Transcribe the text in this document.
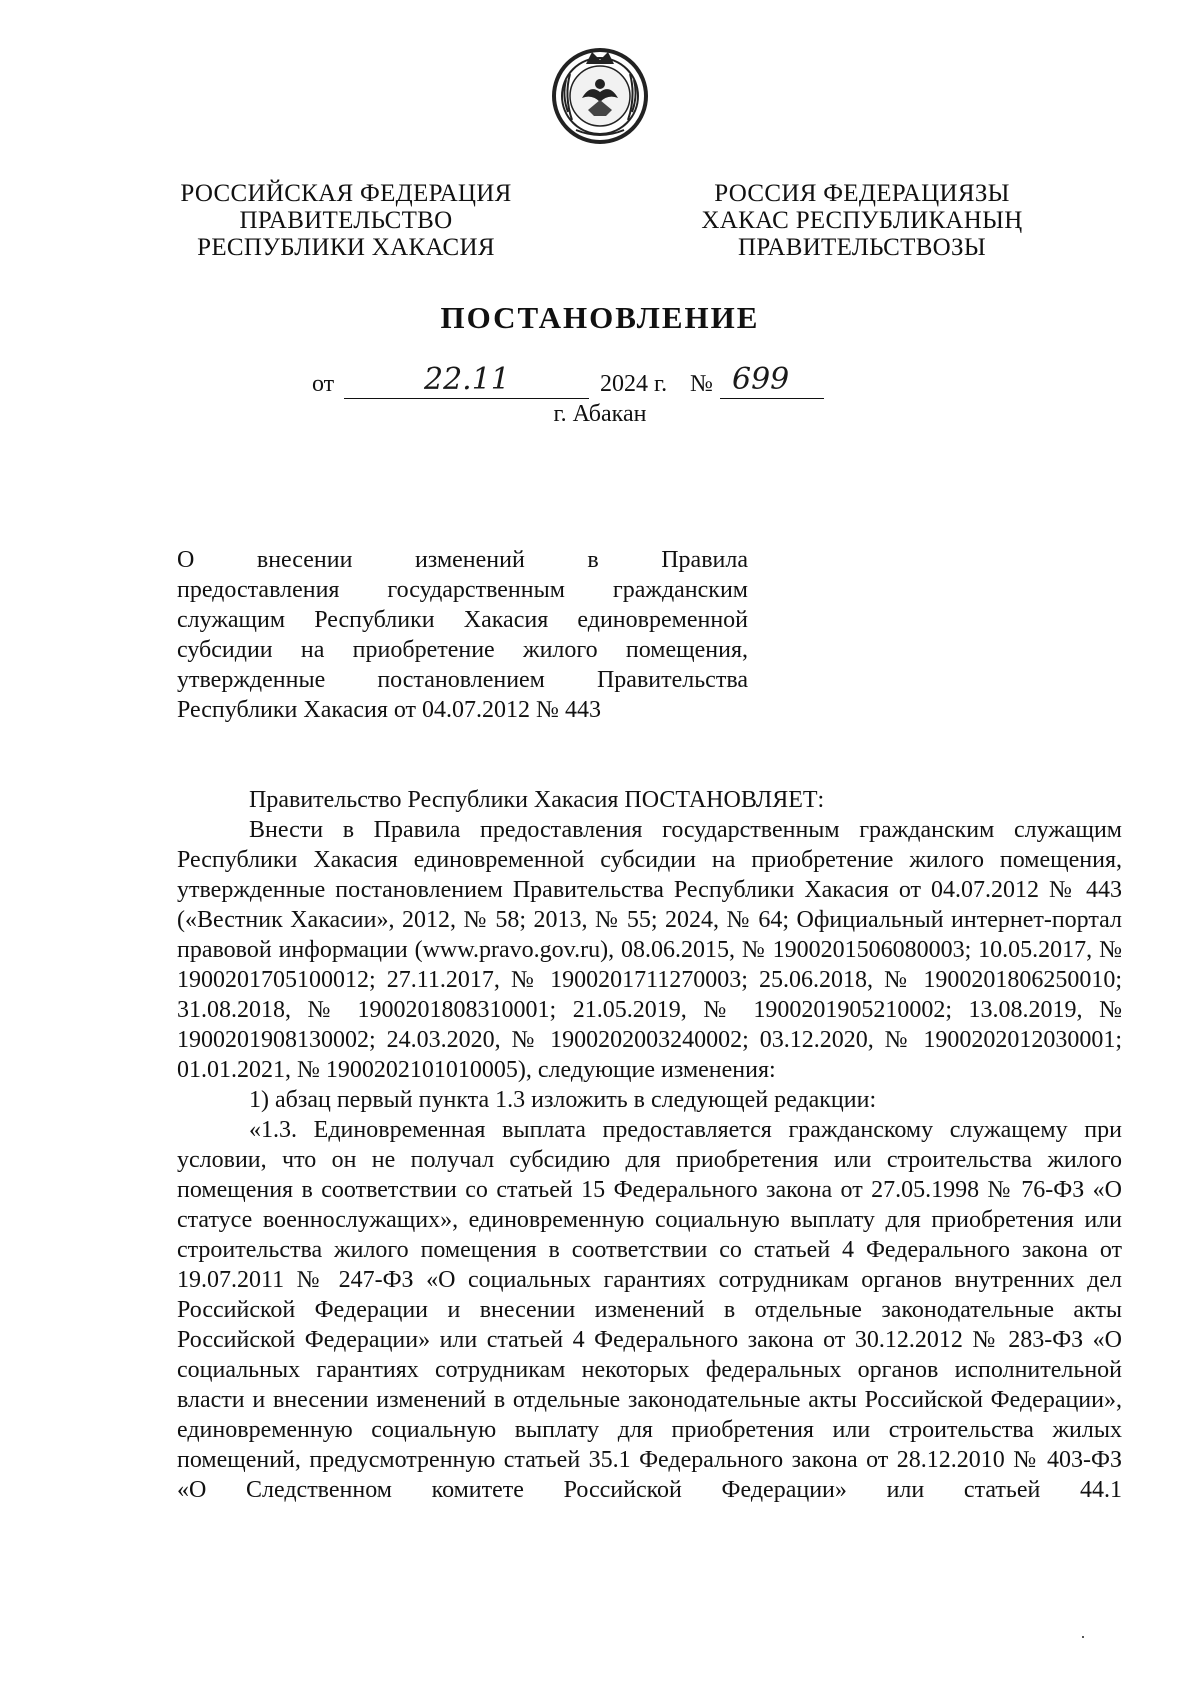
РОССИЙСКАЯ ФЕДЕРАЦИЯ
ПРАВИТЕЛЬСТВО
РЕСПУБЛИКИ ХАКАСИЯ
РОССИЯ ФЕДЕРАЦИЯЗЫ
ХАКАС РЕСПУБЛИКАНЫҢ
ПРАВИТЕЛЬСТВОЗЫ
ПОСТАНОВЛЕНИЕ
от	22.11	2024 г. № 699
г. Абакан
О внесении изменений в Правила
предоставления государственным гражданским
служащим Республики Хакасия единовременной
субсидии на приобретение жилого помещения,
утвержденные постановлением Правительства
Республики Хакасия от 04.07.2012 № 443

Правительство Республики Хакасия ПОСТАНОВЛЯЕТ:

Внести в Правила предоставления государственным гражданским служащим Республики Хакасия единовременной субсидии на приобретение жилого помещения, утвержденные постановлением Правительства Республики Хакасия от 04.07.2012 № 443 («Вестник Хакасии», 2012, № 58; 2013, № 55; 2024, № 64; Официальный интернет-портал правовой информации (www.pravo.gov.ru), 08.06.2015, № 1900201506080003; 10.05.2017, № 1900201705100012; 27.11.2017, № 1900201711270003; 25.06.2018, № 1900201806250010; 31.08.2018, № 1900201808310001; 21.05.2019, № 1900201905210002; 13.08.2019, № 1900201908130002; 24.03.2020, № 1900202003240002; 03.12.2020, № 1900202012030001; 01.01.2021, № 1900202101010005), следующие изменения:

1) абзац первый пункта 1.3 изложить в следующей редакции:

«1.3. Единовременная выплата предоставляется гражданскому служащему при условии, что он не получал субсидию для приобретения или строительства жилого помещения в соответствии со статьей 15 Федерального закона от 27.05.1998 № 76-ФЗ «О статусе военнослужащих», единовременную социальную выплату для приобретения или строительства жилого помещения в соответствии со статьей 4 Федерального закона от 19.07.2011 № 247-ФЗ «О социальных гарантиях сотрудникам органов внутренних дел Российской Федерации и внесении изменений в отдельные законодательные акты Российской Федерации» или статьей 4 Федерального закона от 30.12.2012 № 283-ФЗ «О социальных гарантиях сотрудникам некоторых федеральных органов исполнительной власти и внесении изменений в отдельные законодательные акты Российской Федерации», единовременную социальную выплату для приобретения или строительства жилых помещений, предусмотренную статьей 35.1 Федерального закона от 28.12.2010 № 403-ФЗ «О Следственном комитете Российской Федерации» или статьей 44.1
